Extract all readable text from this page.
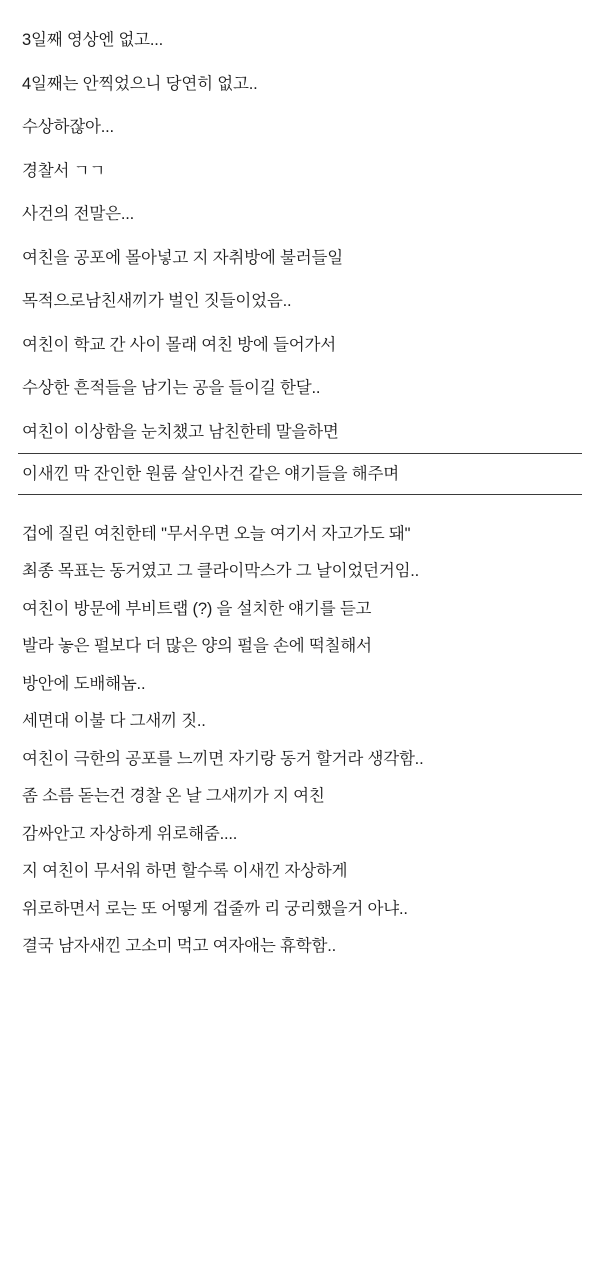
3일째 영상엔 없고...

4일째는 안찍었으니 당연히 없고..

수상하잖아...

경찰서 ㄱㄱ

사건의 전말은...

여친을 공포에 몰아넣고 지 자취방에 불러들일

목적으로남친새끼가 벌인 짓들이었음..

여친이 학교 간 사이 몰래 여친 방에 들어가서

수상한 흔적들을 남기는 공을 들이길 한달..

여친이 이상함을 눈치챘고 남친한테 말을하면

이새낀 막 잔인한 원룸 살인사건 같은 얘기들을 해주며

겁에 질린 여친한테 "무서우면 오늘 여기서 자고가도 돼"

최종 목표는 동거였고 그 클라이막스가 그 날이었던거임..

여친이 방문에 부비트랩 (?) 을 설치한 얘기를 듣고

발라 놓은 펄보다 더 많은 양의 펄을 손에 떡칠해서

방안에 도배해놈..

세면대 이불 다 그새끼 짓..

여친이 극한의 공포를 느끼면 자기랑 동거 할거라 생각함..

좀 소름 돋는건 경찰 온 날 그새끼가 지 여친

감싸안고 자상하게 위로해줌....

지 여친이 무서워 하면 할수록 이새낀 자상하게

위로하면서 로는 또 어떻게 겁줄까 리 궁리했을거 아냐..

결국 남자새낀 고소미 먹고 여자애는 휴학함..
